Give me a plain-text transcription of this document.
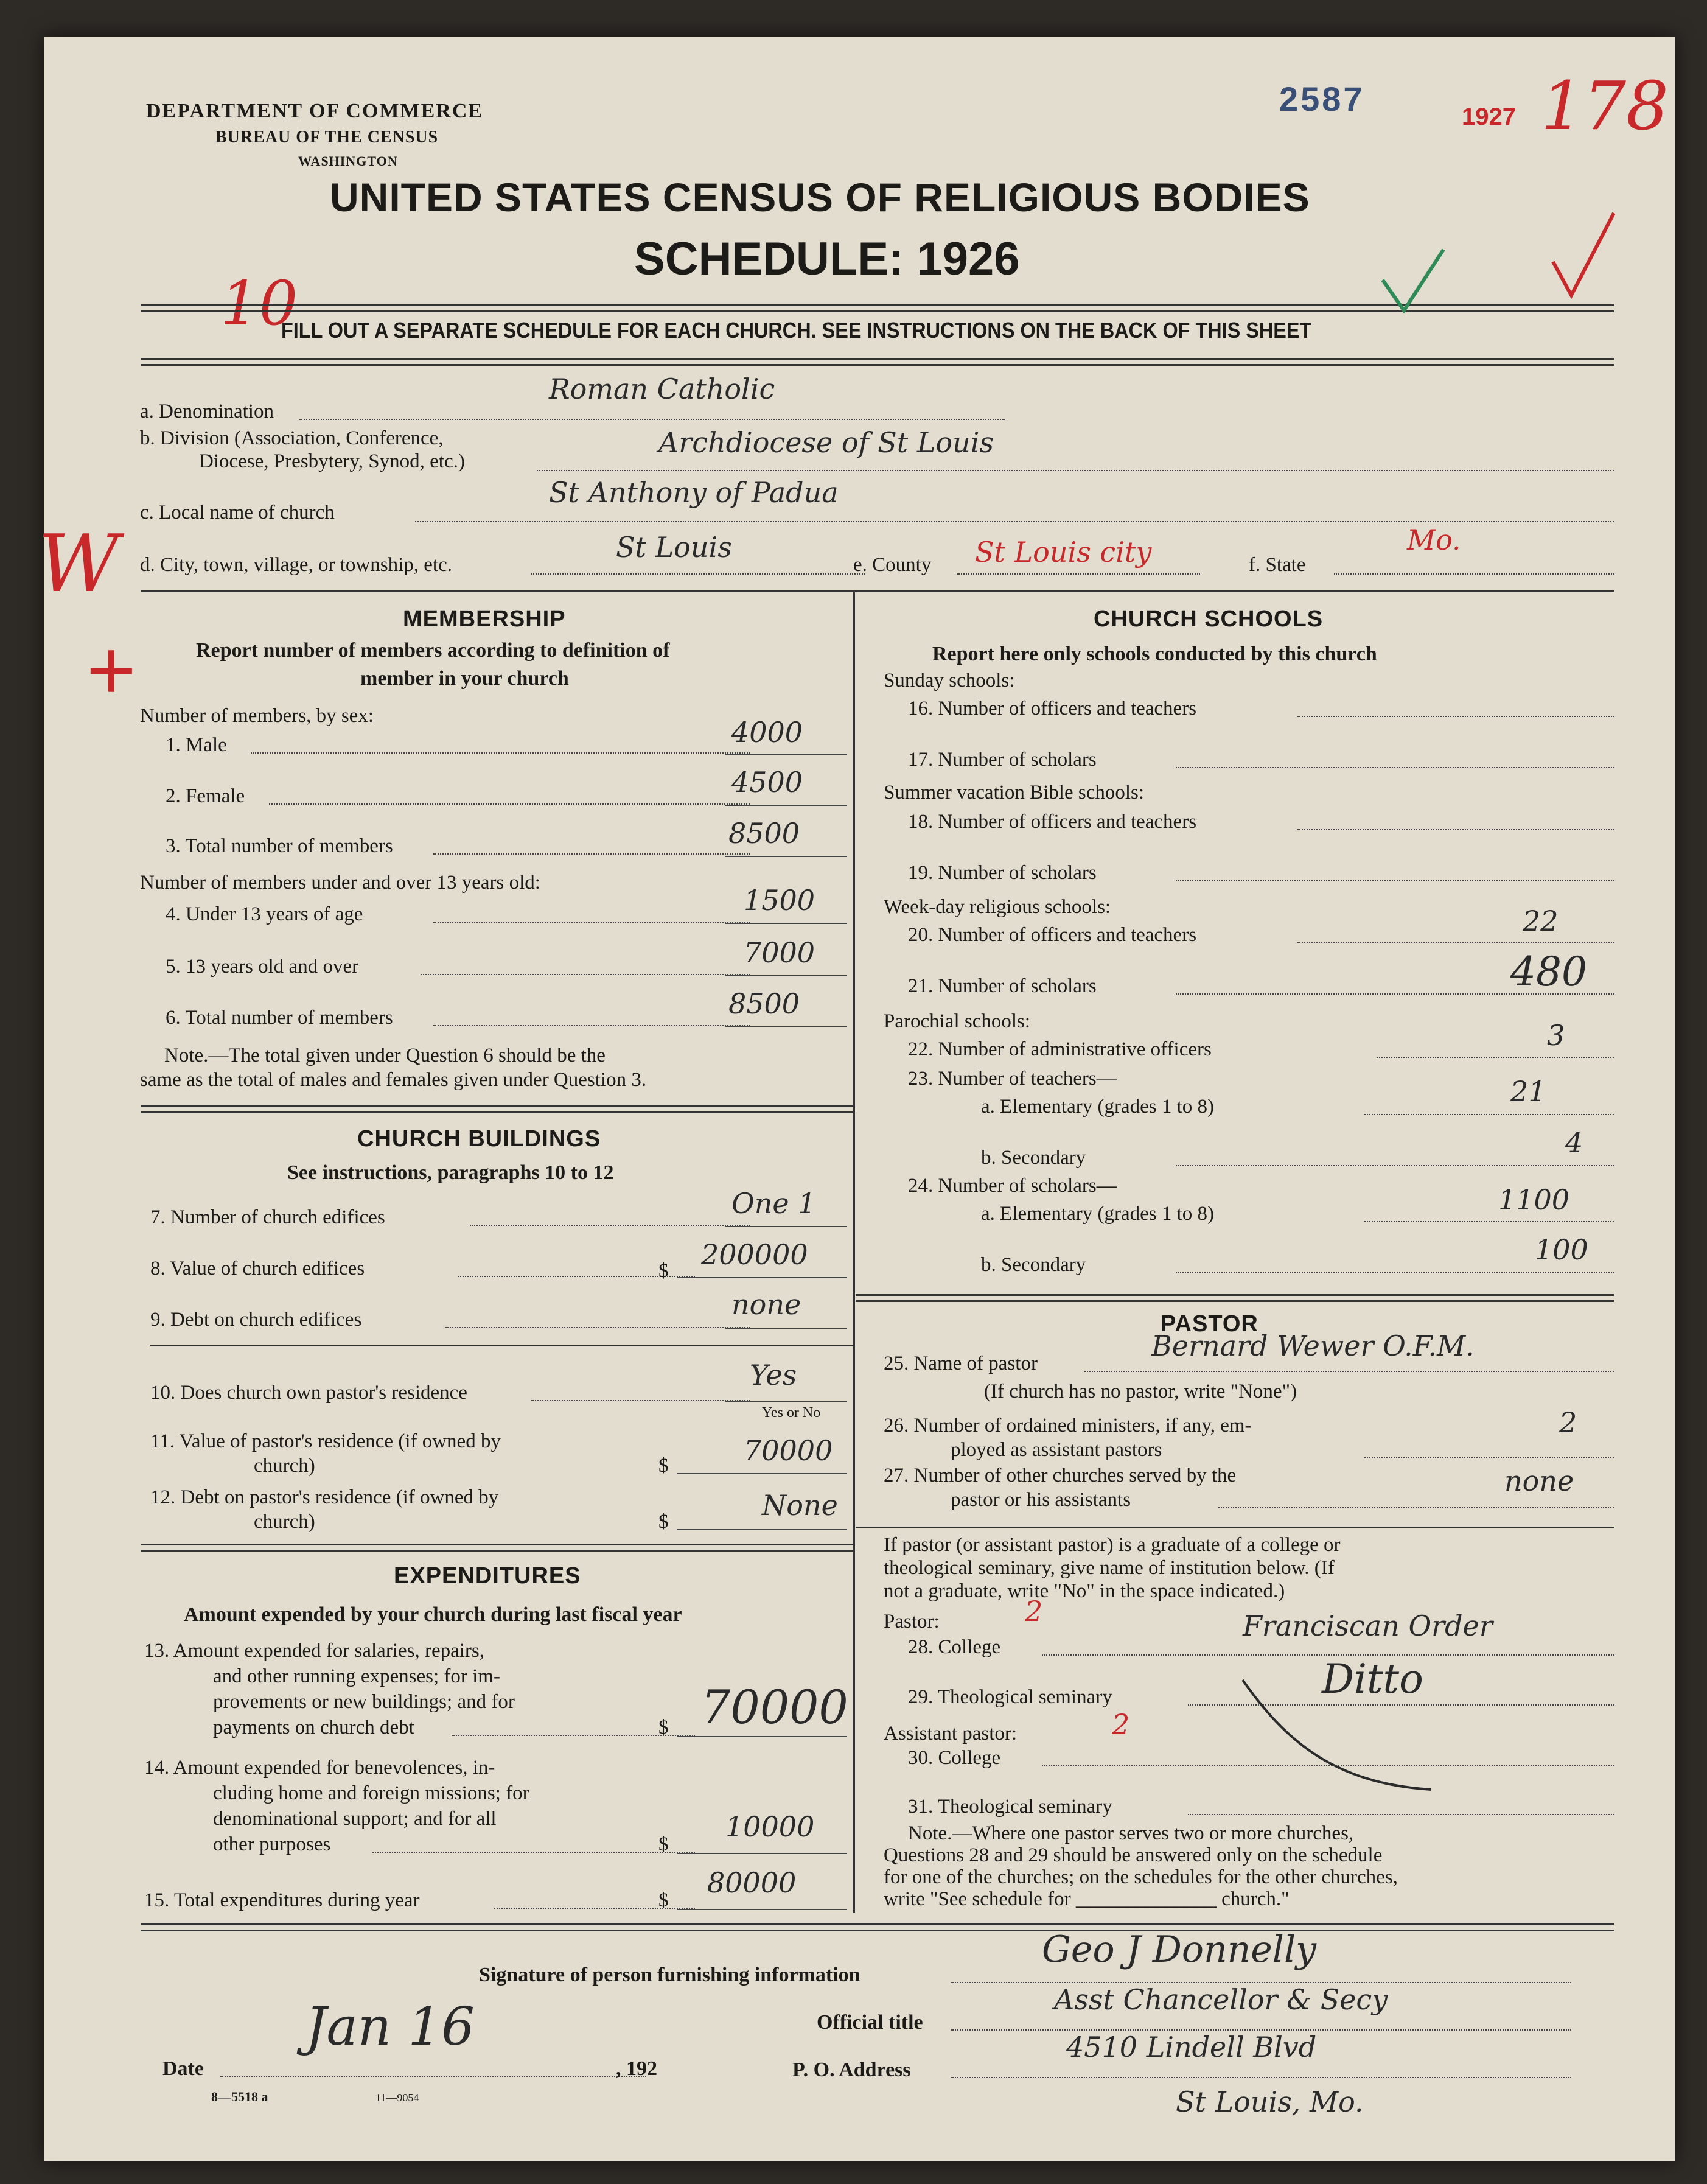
DEPARTMENT OF COMMERCE
BUREAU OF THE CENSUS
WASHINGTON
2587	1927 178
10
UNITED STATES CENSUS OF RELIGIOUS BODIES
SCHEDULE: 1926
FILL OUT A SEPARATE SCHEDULE FOR EACH CHURCH. SEE INSTRUCTIONS ON THE BACK OF THIS SHEET
a. Denomination
Roman Catholic
b. Division (Association, Conference,
Diocese, Presbytery, Synod, etc.)
Archdiocese of St Louis
c. Local name of church
St Anthony of Padua
d. City, town, village, or township, etc.
St Louis
e. County St Louis city	f. State
Mo.
W
+
MEMBERSHIP
Report number of members according to definition of
member in your church
Number of members, by sex:
1. Male	4000
2. Female	4500
3. Total number of members	8500
Number of members under and over 13 years old:
4. Under 13 years of age	1500
5. 13 years old and over	7000
6. Total number of members	8500
Note.—The total given under Question 6 should be the
same as the total of males and females given under Question 3.
CHURCH BUILDINGS
See instructions, paragraphs 10 to 12
7. Number of church edifices	One 1
8. Value of church edifices	$ 200000
9. Debt on church edifices	none
10. Does church own pastor's residence
Yes
Yes or No
11. Value of pastor's residence (if owned by
church)	$	70000
12. Debt on pastor's residence (if owned by
church)	$	None
EXPENDITURES
Amount expended by your church during last fiscal year
13. Amount expended for salaries, repairs,
and other running expenses; for im-
provements or new buildings; and for
payments on church debt	$ 70000
14. Amount expended for benevolences, in-
cluding home and foreign missions; for
denominational support; and for all
other purposes	$
10000
15. Total expenditures during year	$
80000
CHURCH SCHOOLS
Report here only schools conducted by this church
Sunday schools:
16. Number of officers and teachers
17. Number of scholars
Summer vacation Bible schools:
18. Number of officers and teachers
19. Number of scholars
Week-day religious schools:
20. Number of officers and teachers	22
21. Number of scholars	480
Parochial schools:
22. Number of administrative officers	3
23. Number of teachers—
a. Elementary (grades 1 to 8)	21
b. Secondary	4
24. Number of scholars—
a. Elementary (grades 1 to 8)	1100
b. Secondary	100
PASTOR
25. Name of pastor
Bernard Wewer O.F.M.
(If church has no pastor, write "None")
26. Number of ordained ministers, if any, em-
ployed as assistant pastors
2
27. Number of other churches served by the
pastor or his assistants
none
If pastor (or assistant pastor) is a graduate of a college or
theological seminary, give name of institution below. (If
not a graduate, write "No" in the space indicated.)
Pastor:	2
28. College
Franciscan Order
29. Theological seminary	Ditto
Assistant pastor:	2
30. College
31. Theological seminary
Note.—Where one pastor serves two or more churches,
Questions 28 and 29 should be answered only on the schedule
for one of the churches; on the schedules for the other churches,
write "See schedule for ______________ church."
Signature of person furnishing information
Geo J Donnelly
Official title
Asst Chancellor & Secy
P. O. Address
4510 Lindell Blvd
St Louis, Mo.
Date
Jan 16
, 192
8—5518 a	11—9054
